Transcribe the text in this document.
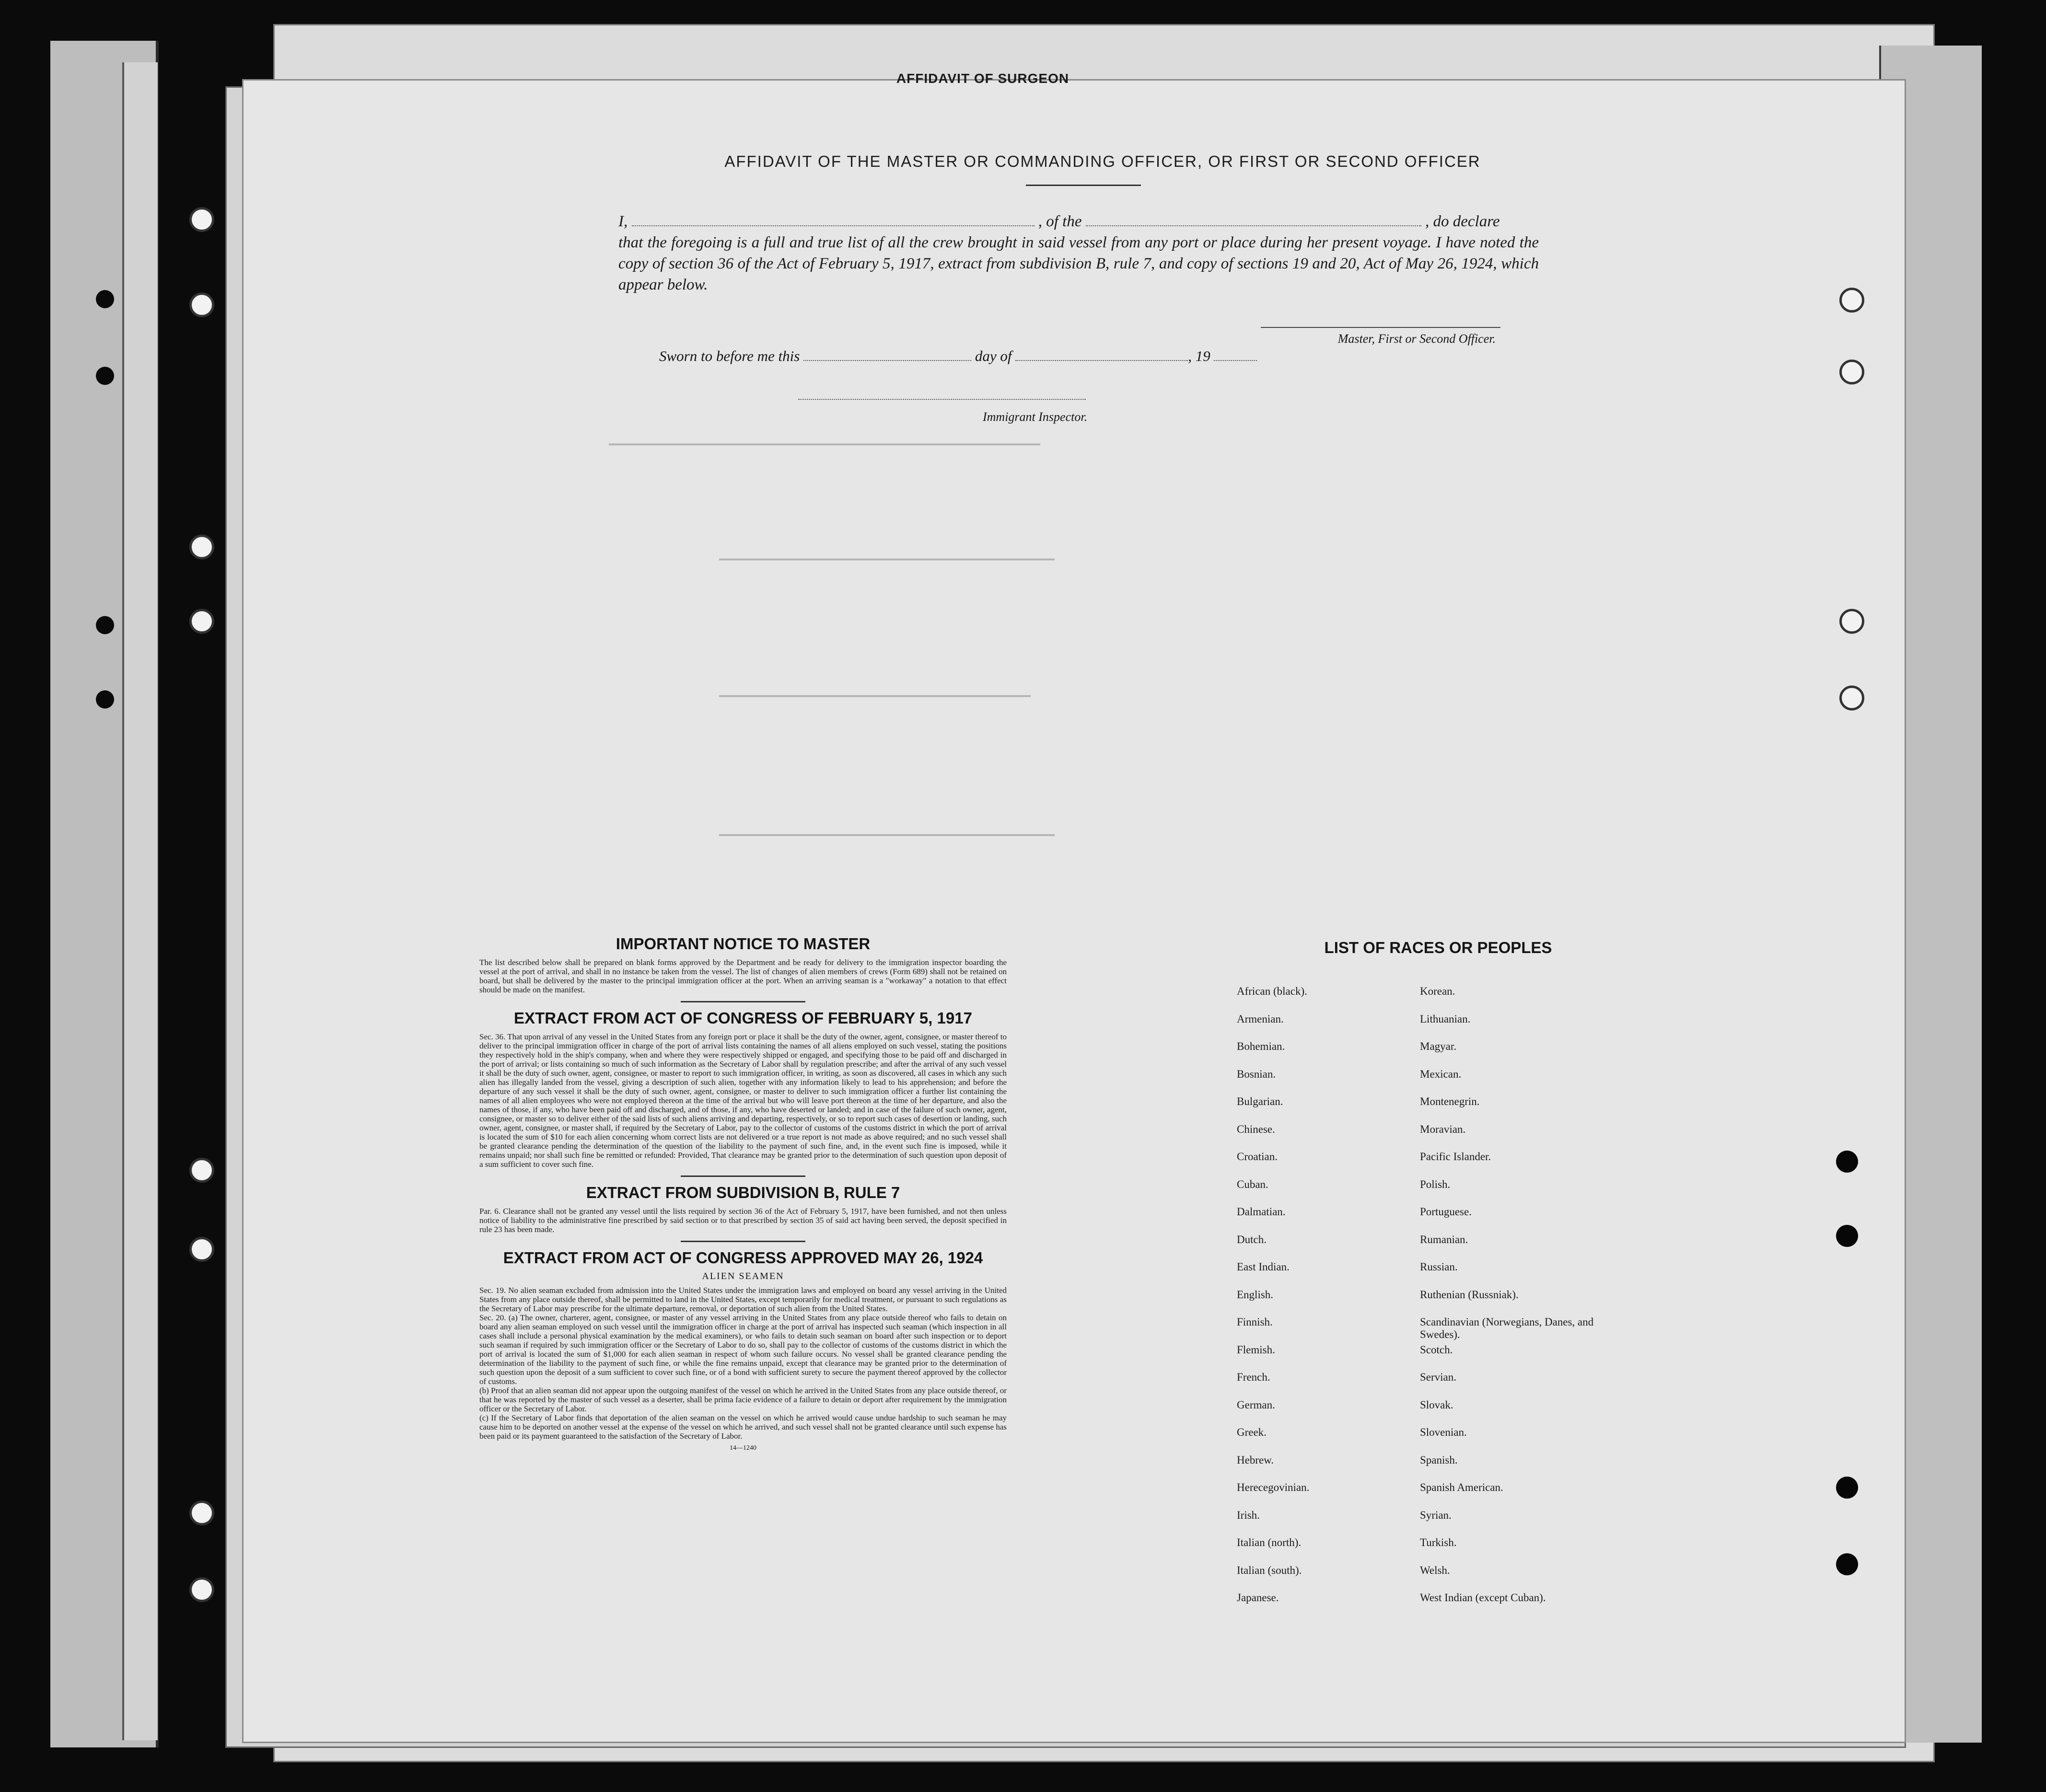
AFFIDAVIT OF SURGEON
AFFIDAVIT OF THE MASTER OR COMMANDING OFFICER, OR FIRST OR SECOND OFFICER
I,	, of the	, do declare
that the foregoing is a full and true list of all the crew brought in said vessel from any port or place during her present voyage. I have noted the copy of section 36 of the Act of February 5, 1917, extract from subdivision B, rule 7, and copy of sections 19 and 20, Act of May 26, 1924, which appear below.
Master, First or Second Officer.
Sworn to before me this	day of	, 19
Immigrant Inspector.

IMPORTANT NOTICE TO MASTER

The list described below shall be prepared on blank forms approved by the Department and be ready for delivery to the immigration inspector boarding the vessel at the port of arrival, and shall in no instance be taken from the vessel. The list of changes of alien members of crews (Form 689) shall not be retained on board, but shall be delivered by the master to the principal immigration officer at the port. When an arriving seaman is a "workaway" a notation to that effect should be made on the manifest.

EXTRACT FROM ACT OF CONGRESS OF FEBRUARY 5, 1917

Sec. 36. That upon arrival of any vessel in the United States from any foreign port or place it shall be the duty of the owner, agent, consignee, or master thereof to deliver to the principal immigration officer in charge of the port of arrival lists containing the names of all aliens employed on such vessel, stating the positions they respectively hold in the ship's company, when and where they were respectively shipped or engaged, and specifying those to be paid off and discharged in the port of arrival; or lists containing so much of such information as the Secretary of Labor shall by regulation prescribe; and after the arrival of any such vessel it shall be the duty of such owner, agent, consignee, or master to report to such immigration officer, in writing, as soon as discovered, all cases in which any such alien has illegally landed from the vessel, giving a description of such alien, together with any information likely to lead to his apprehension; and before the departure of any such vessel it shall be the duty of such owner, agent, consignee, or master to deliver to such immigration officer a further list containing the names of all alien employees who were not employed thereon at the time of the arrival but who will leave port thereon at the time of her departure, and also the names of those, if any, who have been paid off and discharged, and of those, if any, who have deserted or landed; and in case of the failure of such owner, agent, consignee, or master so to deliver either of the said lists of such aliens arriving and departing, respectively, or so to report such cases of desertion or landing, such owner, agent, consignee, or master shall, if required by the Secretary of Labor, pay to the collector of customs of the customs district in which the port of arrival is located the sum of $10 for each alien concerning whom correct lists are not delivered or a true report is not made as above required; and no such vessel shall be granted clearance pending the determination of the question of the liability to the payment of such fine, and, in the event such fine is imposed, while it remains unpaid; nor shall such fine be remitted or refunded: Provided, That clearance may be granted prior to the determination of such question upon deposit of a sum sufficient to cover such fine.

EXTRACT FROM SUBDIVISION B, RULE 7

Par. 6. Clearance shall not be granted any vessel until the lists required by section 36 of the Act of February 5, 1917, have been furnished, and not then unless notice of liability to the administrative fine prescribed by said section or to that prescribed by section 35 of said act having been served, the deposit specified in rule 23 has been made.

EXTRACT FROM ACT OF CONGRESS APPROVED MAY 26, 1924

ALIEN SEAMEN

Sec. 19. No alien seaman excluded from admission into the United States under the immigration laws and employed on board any vessel arriving in the United States from any place outside thereof, shall be permitted to land in the United States, except temporarily for medical treatment, or pursuant to such regulations as the Secretary of Labor may prescribe for the ultimate departure, removal, or deportation of such alien from the United States.

Sec. 20. (a) The owner, charterer, agent, consignee, or master of any vessel arriving in the United States from any place outside thereof who fails to detain on board any alien seaman employed on such vessel until the immigration officer in charge at the port of arrival has inspected such seaman (which inspection in all cases shall include a personal physical examination by the medical examiners), or who fails to detain such seaman on board after such inspection or to deport such seaman if required by such immigration officer or the Secretary of Labor to do so, shall pay to the collector of customs of the customs district in which the port of arrival is located the sum of $1,000 for each alien seaman in respect of whom such failure occurs. No vessel shall be granted clearance pending the determination of the liability to the payment of such fine, or while the fine remains unpaid, except that clearance may be granted prior to the determination of such question upon the deposit of a sum sufficient to cover such fine, or of a bond with sufficient surety to secure the payment thereof approved by the collector of customs.

(b) Proof that an alien seaman did not appear upon the outgoing manifest of the vessel on which he arrived in the United States from any place outside thereof, or that he was reported by the master of such vessel as a deserter, shall be prima facie evidence of a failure to detain or deport after requirement by the immigration officer or the Secretary of Labor.

(c) If the Secretary of Labor finds that deportation of the alien seaman on the vessel on which he arrived would cause undue hardship to such seaman he may cause him to be deported on another vessel at the expense of the vessel on which he arrived, and such vessel shall not be granted clearance until such expense has been paid or its payment guaranteed to the satisfaction of the Secretary of Labor.

14—1240
LIST OF RACES OR PEOPLES
African (black).
Armenian.
Bohemian.
Bosnian.
Bulgarian.
Chinese.
Croatian.
Cuban.
Dalmatian.
Dutch.
East Indian.
English.
Finnish.
Flemish.
French.
German.
Greek.
Hebrew.
Herecegovinian.
Irish.
Italian (north).
Italian (south).
Japanese.
Korean.
Lithuanian.
Magyar.
Mexican.
Montenegrin.
Moravian.
Pacific Islander.
Polish.
Portuguese.
Rumanian.
Russian.
Ruthenian (Russniak).
Scandinavian (Norwegians, Danes, and Swedes).
Scotch.
Servian.
Slovak.
Slovenian.
Spanish.
Spanish American.
Syrian.
Turkish.
Welsh.
West Indian (except Cuban).
